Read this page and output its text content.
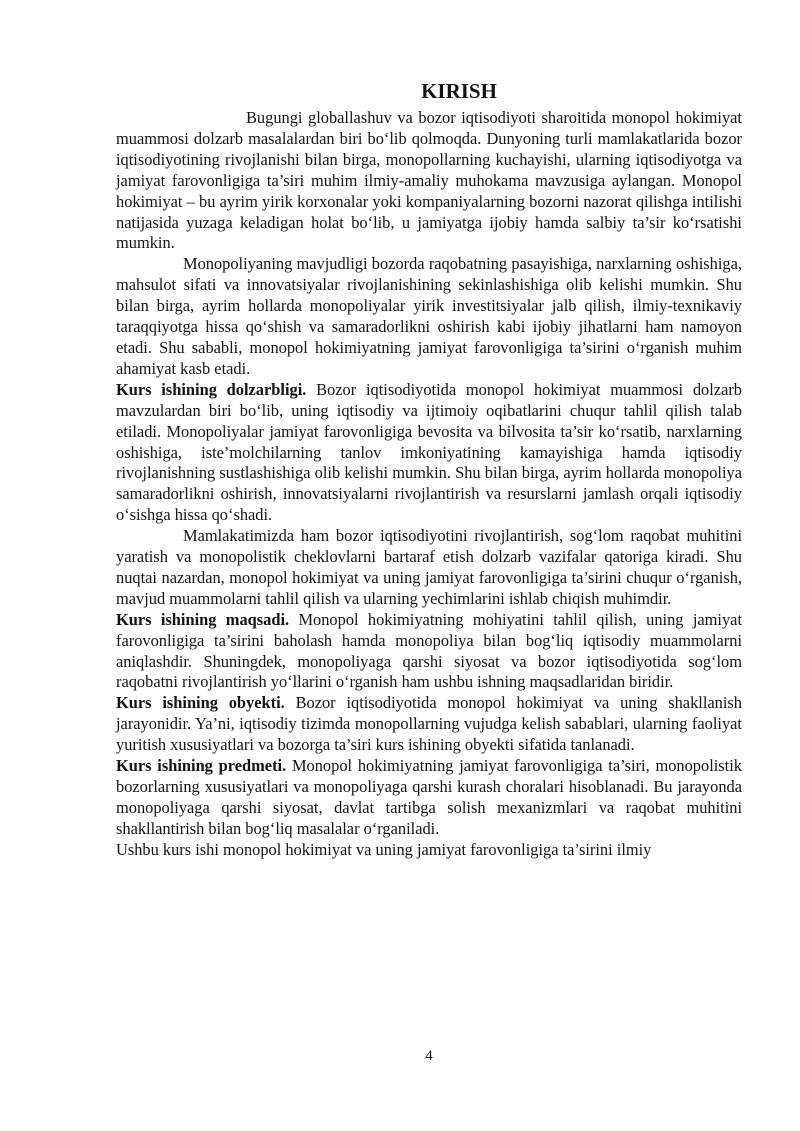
KIRISH

Bugungi globallashuv va bozor iqtisodiyoti sharoitida monopol hokimiyat muammosi dolzarb masalalardan biri bo‘lib qolmoqda. Dunyoning turli mamlakatlarida bozor iqtisodiyotining rivojlanishi bilan birga, monopollarning kuchayishi, ularning iqtisodiyotga va jamiyat farovonligiga ta’siri muhim ilmiy-amaliy muhokama mavzusiga aylangan. Monopol hokimiyat – bu ayrim yirik korxonalar yoki kompaniyalarning bozorni nazorat qilishga intilishi natijasida yuzaga keladigan holat bo‘lib, u jamiyatga ijobiy hamda salbiy ta’sir ko‘rsatishi mumkin.

Monopoliyaning mavjudligi bozorda raqobatning pasayishiga, narxlarning oshishiga, mahsulot sifati va innovatsiyalar rivojlanishining sekinlashishiga olib kelishi mumkin. Shu bilan birga, ayrim hollarda monopoliyalar yirik investitsiyalar jalb qilish, ilmiy-texnikaviy taraqqiyotga hissa qo‘shish va samaradorlikni oshirish kabi ijobiy jihatlarni ham namoyon etadi. Shu sababli, monopol hokimiyatning jamiyat farovonligiga ta’sirini o‘rganish muhim ahamiyat kasb etadi.

Kurs ishining dolzarbligi. Bozor iqtisodiyotida monopol hokimiyat muammosi dolzarb mavzulardan biri bo‘lib, uning iqtisodiy va ijtimoiy oqibatlarini chuqur tahlil qilish talab etiladi. Monopoliyalar jamiyat farovonligiga bevosita va bilvosita ta’sir ko‘rsatib, narxlarning oshishiga, iste’molchilarning tanlov imkoniyatining kamayishiga hamda iqtisodiy rivojlanishning sustlashishiga olib kelishi mumkin. Shu bilan birga, ayrim hollarda monopoliya samaradorlikni oshirish, innovatsiyalarni rivojlantirish va resurslarni jamlash orqali iqtisodiy o‘sishga hissa qo‘shadi.

Mamlakatimizda ham bozor iqtisodiyotini rivojlantirish, sog‘lom raqobat muhitini yaratish va monopolistik cheklovlarni bartaraf etish dolzarb vazifalar qatoriga kiradi. Shu nuqtai nazardan, monopol hokimiyat va uning jamiyat farovonligiga ta’sirini chuqur o‘rganish, mavjud muammolarni tahlil qilish va ularning yechimlarini ishlab chiqish muhimdir.

Kurs ishining maqsadi. Monopol hokimiyatning mohiyatini tahlil qilish, uning jamiyat farovonligiga ta’sirini baholash hamda monopoliya bilan bog‘liq iqtisodiy muammolarni aniqlashdir. Shuningdek, monopoliyaga qarshi siyosat va bozor iqtisodiyotida sog‘lom raqobatni rivojlantirish yo‘llarini o‘rganish ham ushbu ishning maqsadlaridan biridir.

Kurs ishining obyekti. Bozor iqtisodiyotida monopol hokimiyat va uning shakllanish jarayonidir. Ya’ni, iqtisodiy tizimda monopollarning vujudga kelish sabablari, ularning faoliyat yuritish xususiyatlari va bozorga ta’siri kurs ishining obyekti sifatida tanlanadi.

Kurs ishining predmeti. Monopol hokimiyatning jamiyat farovonligiga ta’siri, monopolistik bozorlarning xususiyatlari va monopoliyaga qarshi kurash choralari hisoblanadi. Bu jarayonda monopoliyaga qarshi siyosat, davlat tartibga solish mexanizmlari va raqobat muhitini shakllantirish bilan bog‘liq masalalar o‘rganiladi.

Ushbu kurs ishi monopol hokimiyat va uning jamiyat farovonligiga ta’sirini ilmiy

4
